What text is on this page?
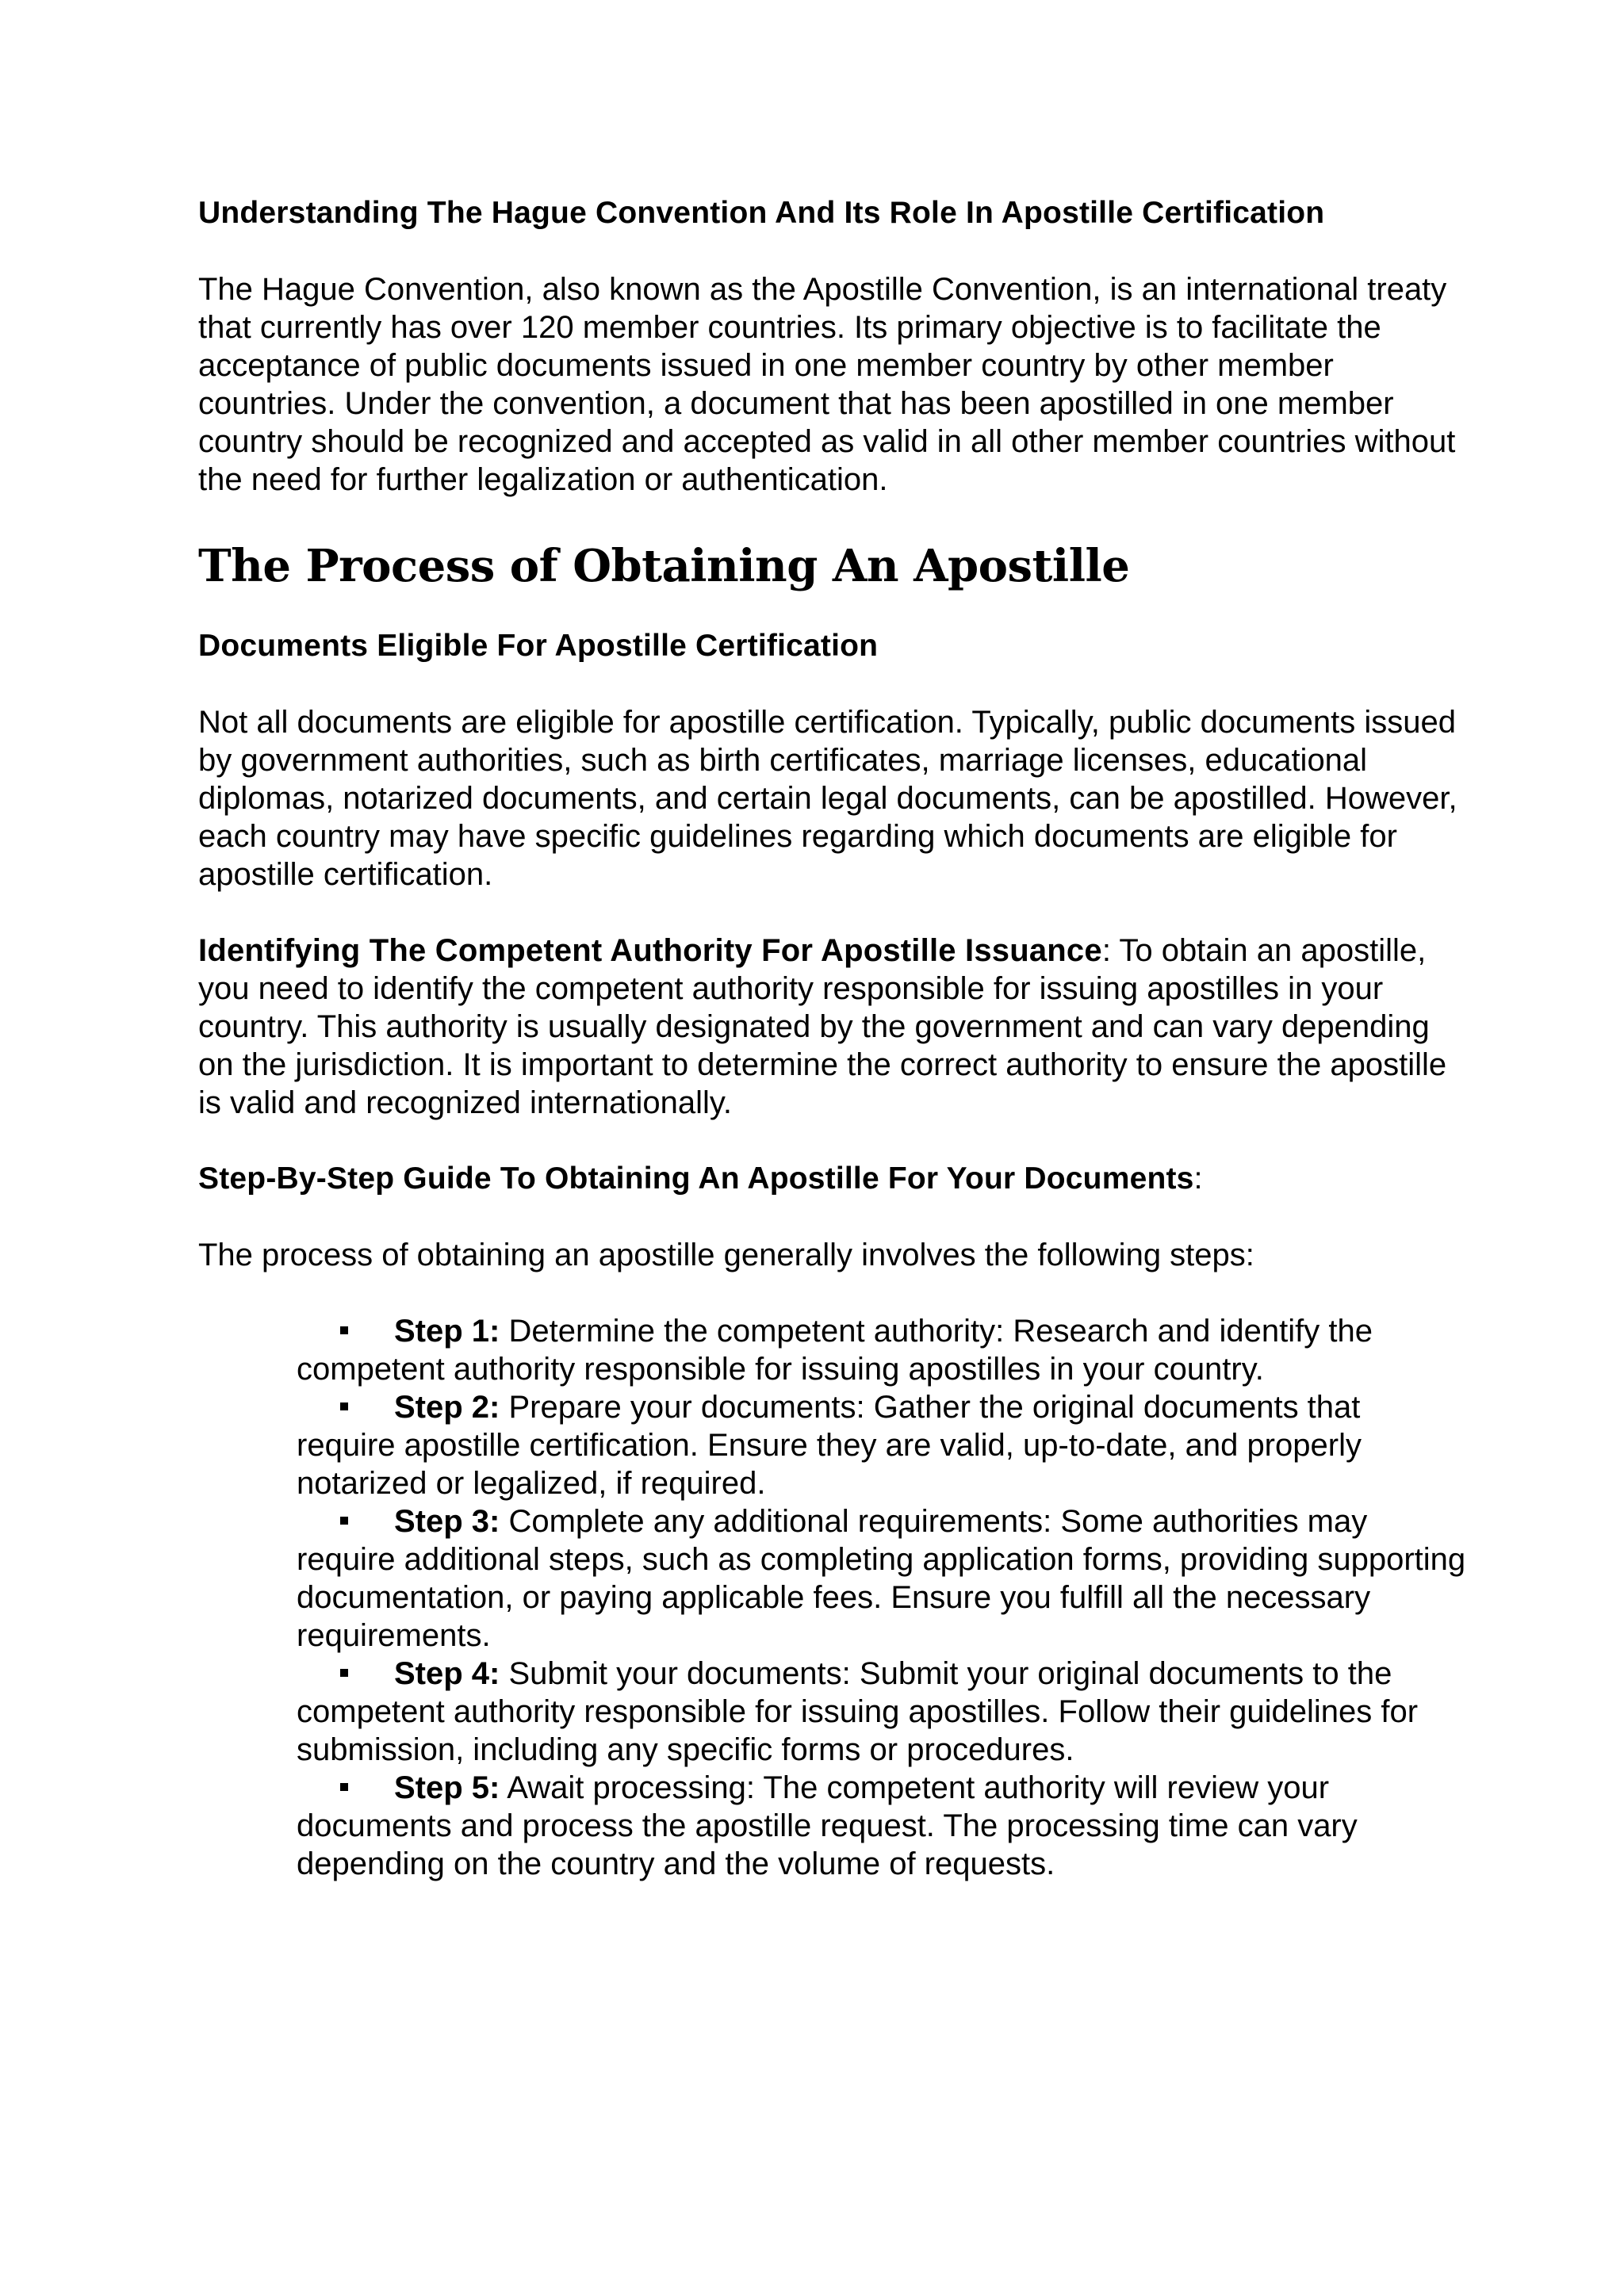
Understanding The Hague Convention And Its Role In Apostille Certification

The Hague Convention, also known as the Apostille Convention, is an international treaty that currently has over 120 member countries. Its primary objective is to facilitate the acceptance of public documents issued in one member country by other member countries. Under the convention, a document that has been apostilled in one member country should be recognized and accepted as valid in all other member countries without the need for further legalization or authentication.

The Process of Obtaining An Apostille
Documents Eligible For Apostille Certification

Not all documents are eligible for apostille certification. Typically, public documents issued by government authorities, such as birth certificates, marriage licenses, educational diplomas, notarized documents, and certain legal documents, can be apostilled. However, each country may have specific guidelines regarding which documents are eligible for apostille certification.

Identifying The Competent Authority For Apostille Issuance: To obtain an apostille, you need to identify the competent authority responsible for issuing apostilles in your country. This authority is usually designated by the government and can vary depending on the jurisdiction. It is important to determine the correct authority to ensure the apostille is valid and recognized internationally.

Step-By-Step Guide To Obtaining An Apostille For Your Documents:

The process of obtaining an apostille generally involves the following steps:

Step 1: Determine the competent authority: Research and identify the competent authority responsible for issuing apostilles in your country.
Step 2: Prepare your documents: Gather the original documents that require apostille certification. Ensure they are valid, up-to-date, and properly notarized or legalized, if required.
Step 3: Complete any additional requirements: Some authorities may require additional steps, such as completing application forms, providing supporting documentation, or paying applicable fees. Ensure you fulfill all the necessary requirements.
Step 4: Submit your documents: Submit your original documents to the competent authority responsible for issuing apostilles. Follow their guidelines for submission, including any specific forms or procedures.
Step 5: Await processing: The competent authority will review your documents and process the apostille request. The processing time can vary depending on the country and the volume of requests.
